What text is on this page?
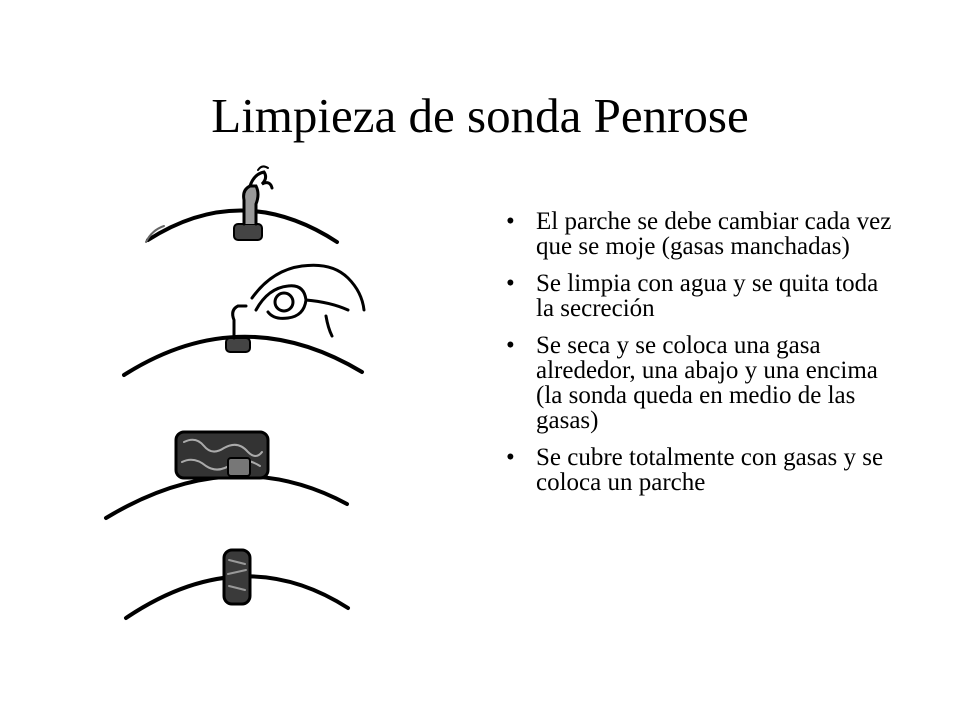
Limpieza de sonda Penrose
• El parche se debe cambiar cada vez que se moje (gasas manchadas)
• Se limpia con agua y se quita toda la secreción
• Se seca y se coloca una gasa alrededor, una abajo y una encima (la sonda queda en medio de las gasas)
• Se cubre totalmente con gasas y se coloca un parche
